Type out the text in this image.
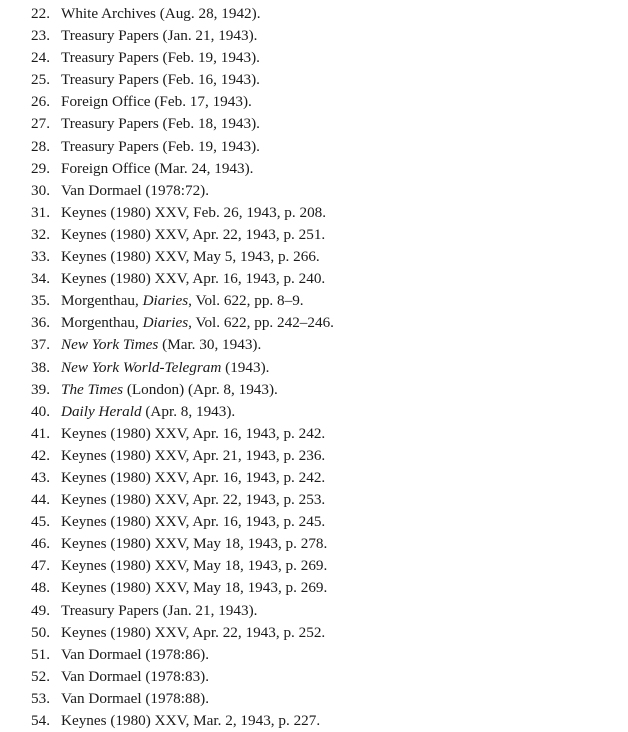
22. White Archives (Aug. 28, 1942).
23. Treasury Papers (Jan. 21, 1943).
24. Treasury Papers (Feb. 19, 1943).
25. Treasury Papers (Feb. 16, 1943).
26. Foreign Office (Feb. 17, 1943).
27. Treasury Papers (Feb. 18, 1943).
28. Treasury Papers (Feb. 19, 1943).
29. Foreign Office (Mar. 24, 1943).
30. Van Dormael (1978:72).
31. Keynes (1980) XXV, Feb. 26, 1943, p. 208.
32. Keynes (1980) XXV, Apr. 22, 1943, p. 251.
33. Keynes (1980) XXV, May 5, 1943, p. 266.
34. Keynes (1980) XXV, Apr. 16, 1943, p. 240.
35. Morgenthau, Diaries, Vol. 622, pp. 8–9.
36. Morgenthau, Diaries, Vol. 622, pp. 242–246.
37. New York Times (Mar. 30, 1943).
38. New York World-Telegram (1943).
39. The Times (London) (Apr. 8, 1943).
40. Daily Herald (Apr. 8, 1943).
41. Keynes (1980) XXV, Apr. 16, 1943, p. 242.
42. Keynes (1980) XXV, Apr. 21, 1943, p. 236.
43. Keynes (1980) XXV, Apr. 16, 1943, p. 242.
44. Keynes (1980) XXV, Apr. 22, 1943, p. 253.
45. Keynes (1980) XXV, Apr. 16, 1943, p. 245.
46. Keynes (1980) XXV, May 18, 1943, p. 278.
47. Keynes (1980) XXV, May 18, 1943, p. 269.
48. Keynes (1980) XXV, May 18, 1943, p. 269.
49. Treasury Papers (Jan. 21, 1943).
50. Keynes (1980) XXV, Apr. 22, 1943, p. 252.
51. Van Dormael (1978:86).
52. Van Dormael (1978:83).
53. Van Dormael (1978:88).
54. Keynes (1980) XXV, Mar. 2, 1943, p. 227.
